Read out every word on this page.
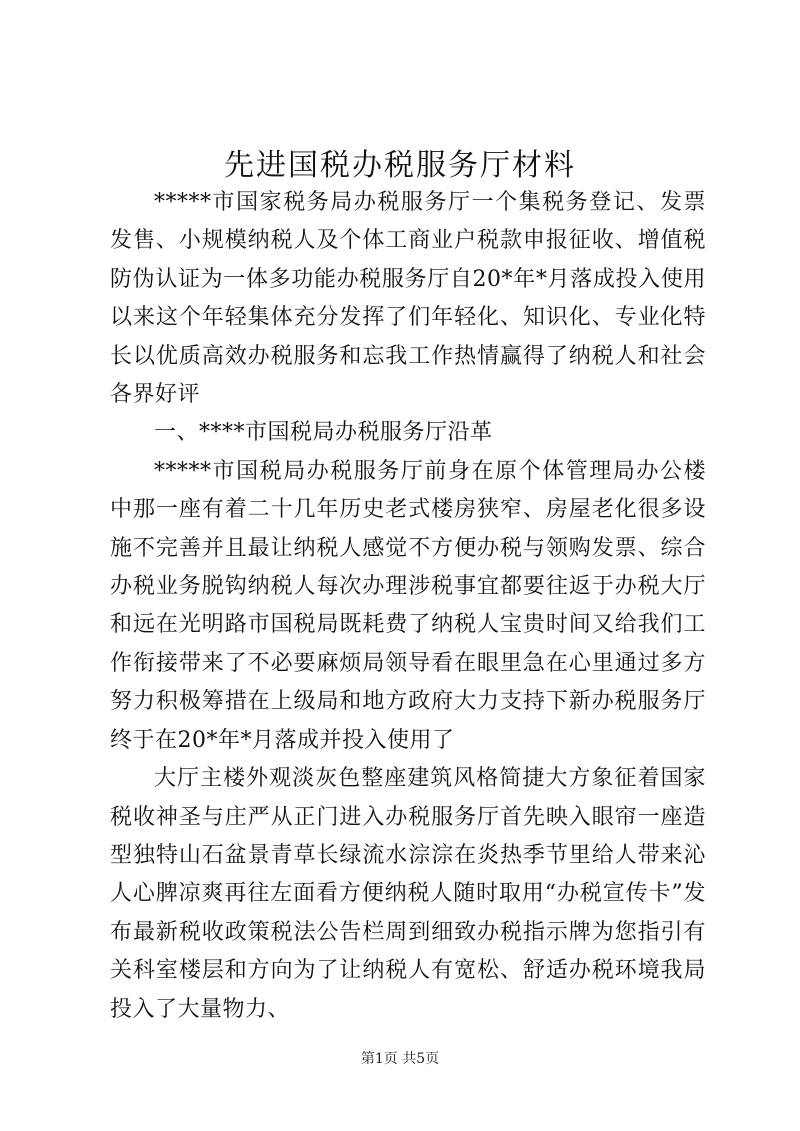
先进国税办税服务厅材料

*****市国家税务局办税服务厅一个集税务登记、发票发售、小规模纳税人及个体工商业户税款申报征收、增值税防伪认证为一体多功能办税服务厅自20*年*月落成投入使用以来这个年轻集体充分发挥了们年轻化、知识化、专业化特长以优质高效办税服务和忘我工作热情赢得了纳税人和社会各界好评

一、****市国税局办税服务厅沿革

*****市国税局办税服务厅前身在原个体管理局办公楼中那一座有着二十几年历史老式楼房狭窄、房屋老化很多设施不完善并且最让纳税人感觉不方便办税与领购发票、综合办税业务脱钩纳税人每次办理涉税事宜都要往返于办税大厅和远在光明路市国税局既耗费了纳税人宝贵时间又给我们工作衔接带来了不必要麻烦局领导看在眼里急在心里通过多方努力积极筹措在上级局和地方政府大力支持下新办税服务厅终于在20*年*月落成并投入使用了

大厅主楼外观淡灰色整座建筑风格简捷大方象征着国家税收神圣与庄严从正门进入办税服务厅首先映入眼帘一座造型独特山石盆景青草长绿流水淙淙在炎热季节里给人带来沁人心脾凉爽再往左面看方便纳税人随时取用“办税宣传卡”发布最新税收政策税法公告栏周到细致办税指示牌为您指引有关科室楼层和方向为了让纳税人有宽松、舒适办税环境我局投入了大量物力、

第1页 共5页
